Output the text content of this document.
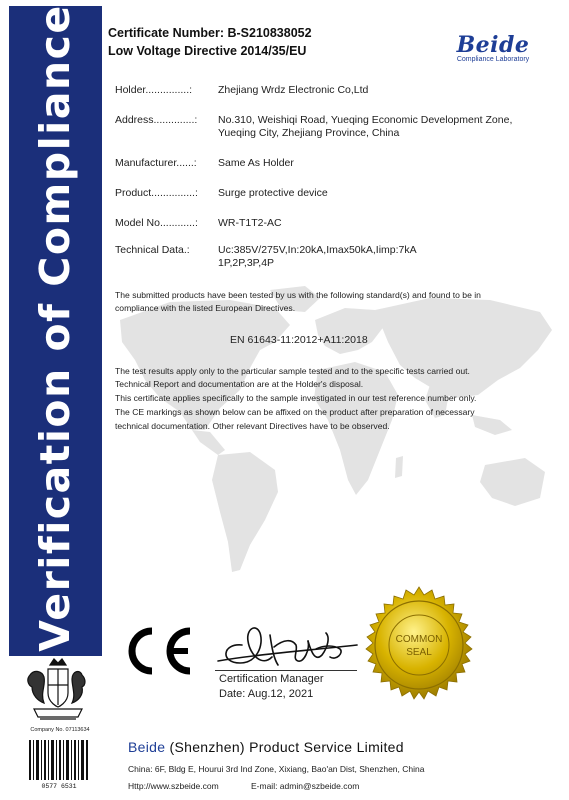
Verification of Compliance Certificate Number: B-S210838052
Low Voltage Directive 2014/35/EU	Beide
Compliance Laboratory
Holder...............: Zhejiang Wrdz Electronic Co,Ltd
Address..............: No.310, Weishiqi Road, Yueqing Economic Development Zone,
Yueqing City, Zhejiang Province, China
Manufacturer......: Same As Holder
Product...............: Surge protective device
Model No............: WR-T1T2-AC
Technical Data.:	Uc:385V/275V,In:20kA,Imax50kA,Iimp:7kA
1P,2P,3P,4P
The submitted products have been tested by us with the following standard(s) and found to be in
compliance with the listed European Directives.
EN 61643-11:2012+A11:2018
The test results apply only to the particular sample tested and to the specific tests carried out.
Technical Report and documentation are at the Holder's disposal.
This certificate applies specifically to the sample investigated in our test reference number only.
The CE markings as shown below can be affixed on the product after preparation of necessary
technical documentation. Other relevant Directives have to be observed.
Certification Manager
Date: Aug.12, 2021
COMMON
SEAL
Company No. 07113634
0577 6531
Beide (Shenzhen) Product Service Limited
China: 6F, Bldg E, Hourui 3rd Ind Zone, Xixiang, Bao'an Dist, Shenzhen, China
Http://www.szbeide.com	E-mail: admin@szbeide.com
